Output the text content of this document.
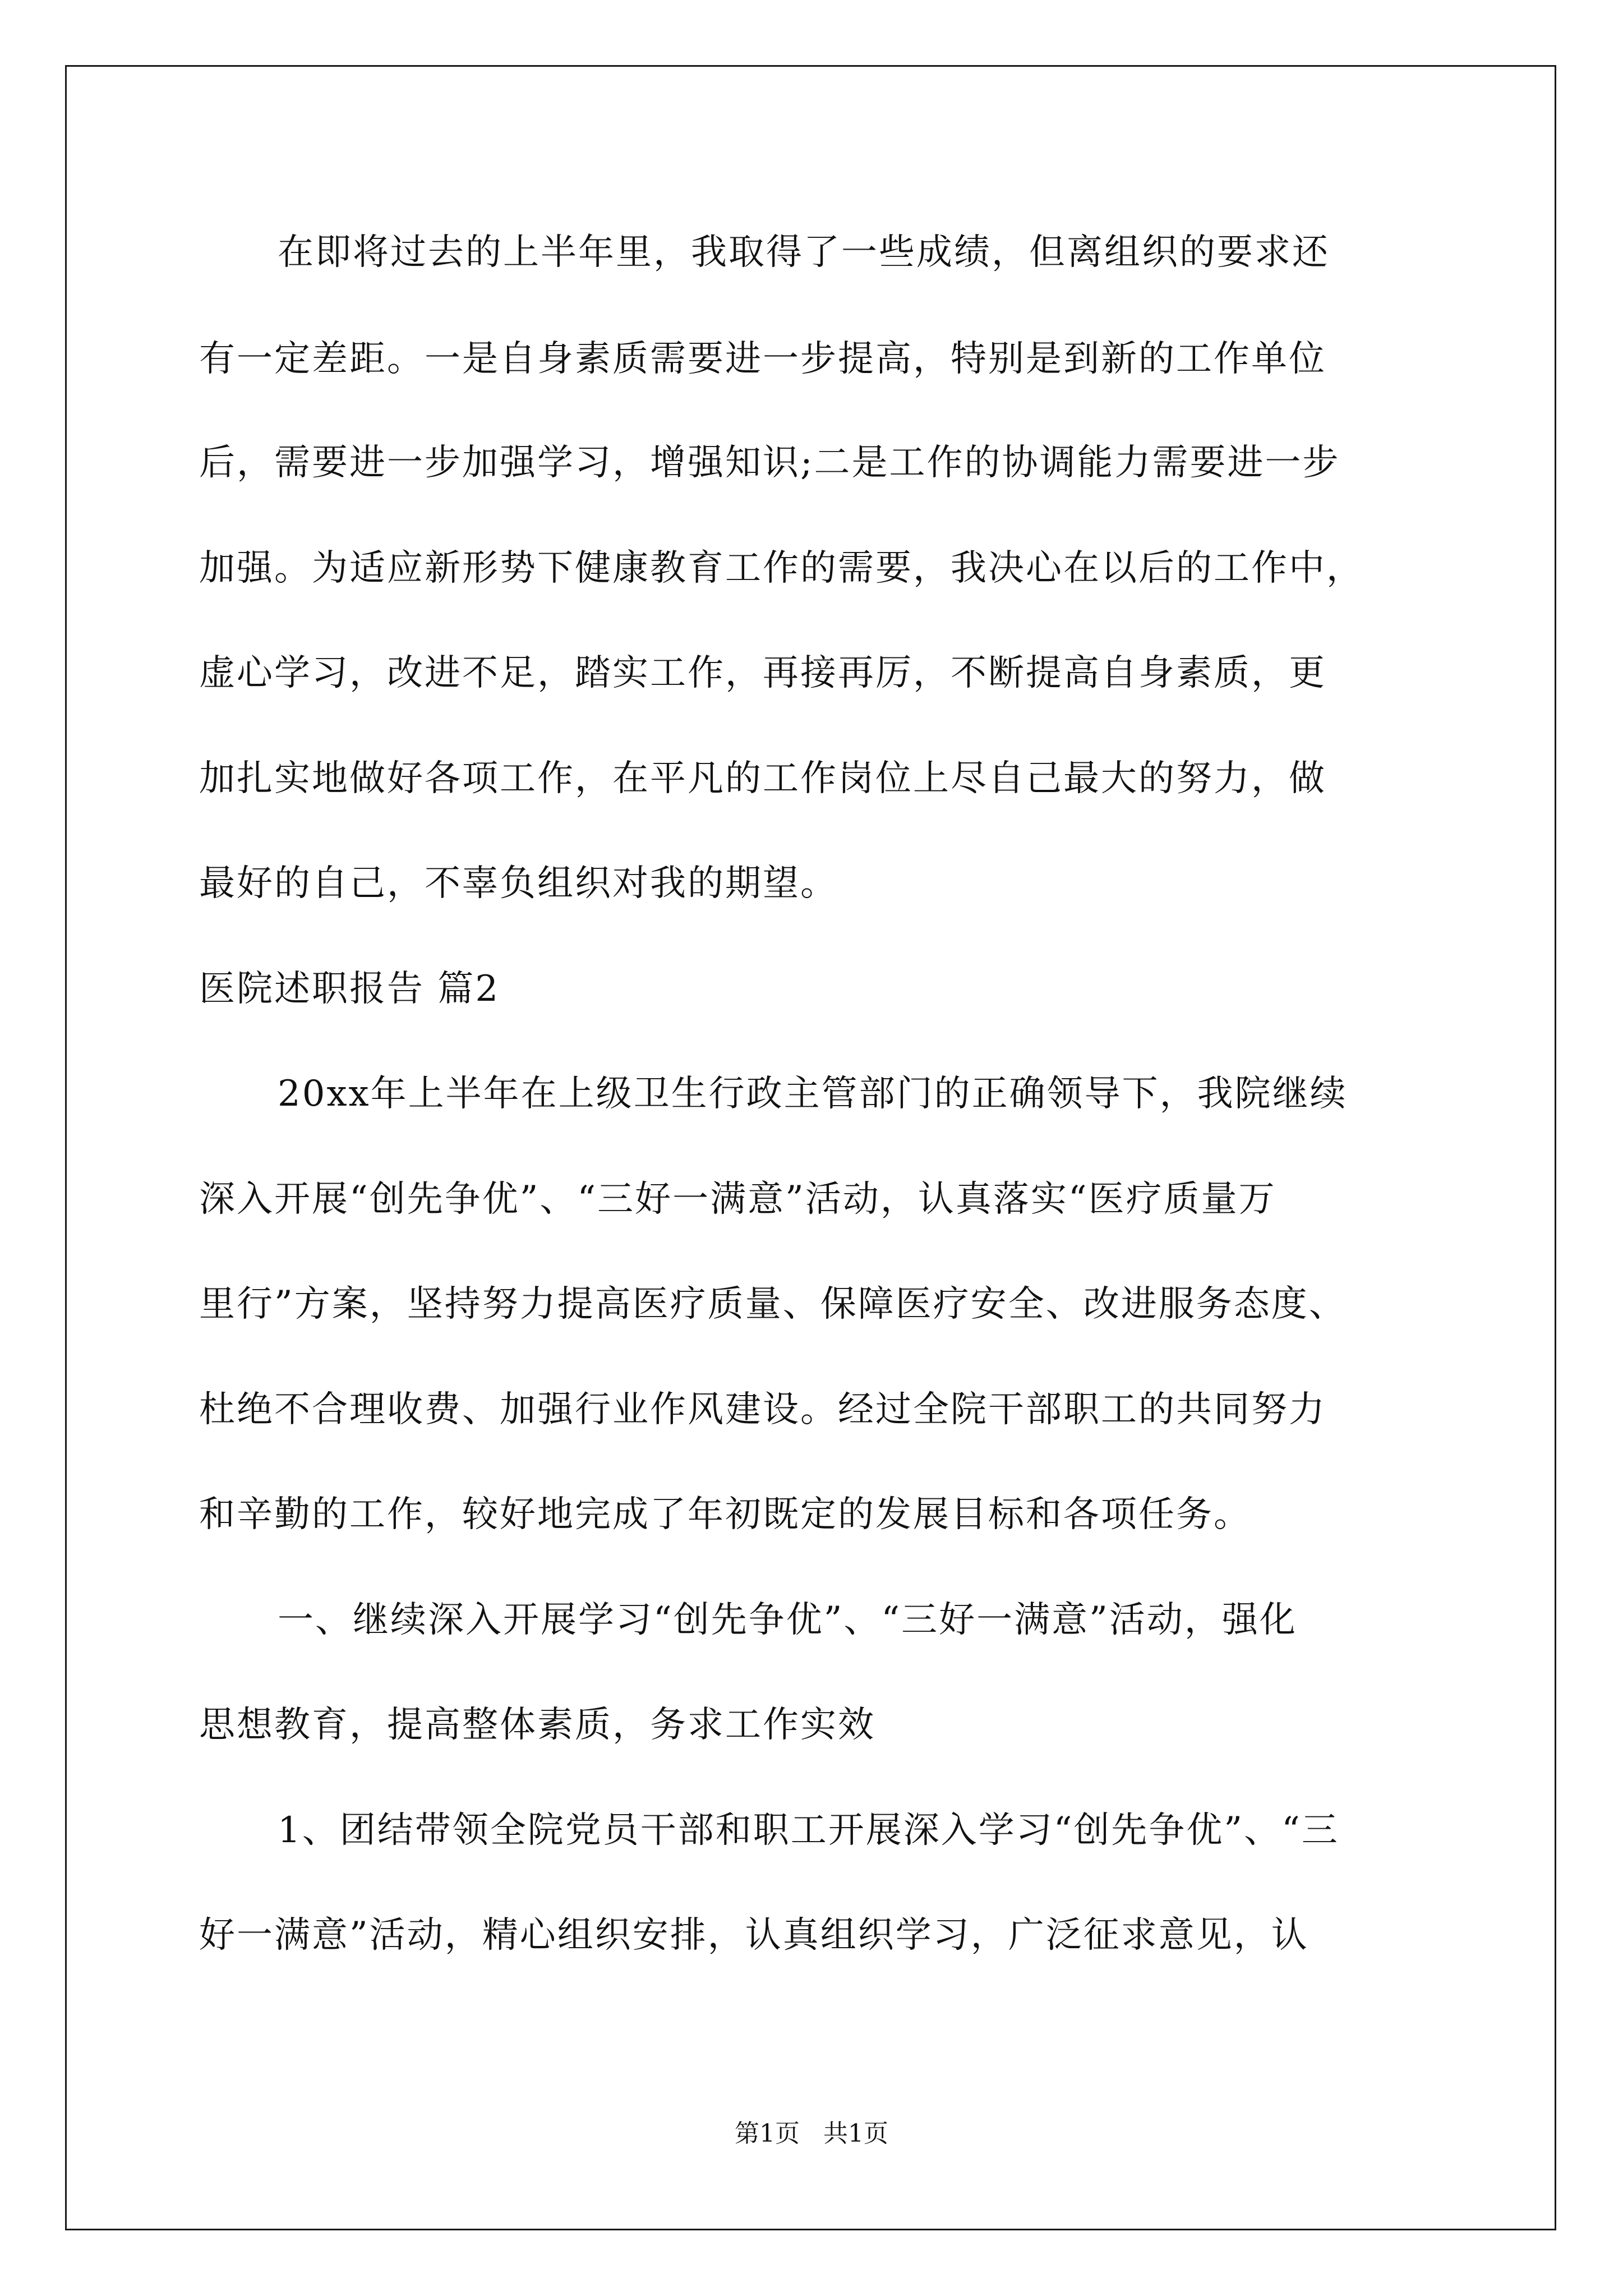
在即将过去的上半年里，我取得了一些成绩，但离组织的要求还
有一定差距。一是自身素质需要进一步提高，特别是到新的工作单位
后，需要进一步加强学习，增强知识;二是工作的协调能力需要进一步
加强。为适应新形势下健康教育工作的需要，我决心在以后的工作中，
虚心学习，改进不足，踏实工作，再接再厉，不断提高自身素质，更
加扎实地做好各项工作，在平凡的工作岗位上尽自己最大的努力，做
最好的自己，不辜负组织对我的期望。
医院述职报告 篇2
20xx年上半年在上级卫生行政主管部门的正确领导下，我院继续
深入开展“创先争优”、“三好一满意”活动，认真落实“医疗质量万
里行”方案，坚持努力提高医疗质量、保障医疗安全、改进服务态度、
杜绝不合理收费、加强行业作风建设。经过全院干部职工的共同努力
和辛勤的工作，较好地完成了年初既定的发展目标和各项任务。
一、继续深入开展学习“创先争优”、“三好一满意”活动，强化
思想教育，提高整体素质，务求工作实效
1、团结带领全院党员干部和职工开展深入学习“创先争优”、“三
好一满意”活动，精心组织安排，认真组织学习，广泛征求意见，认
第1页   共1页
